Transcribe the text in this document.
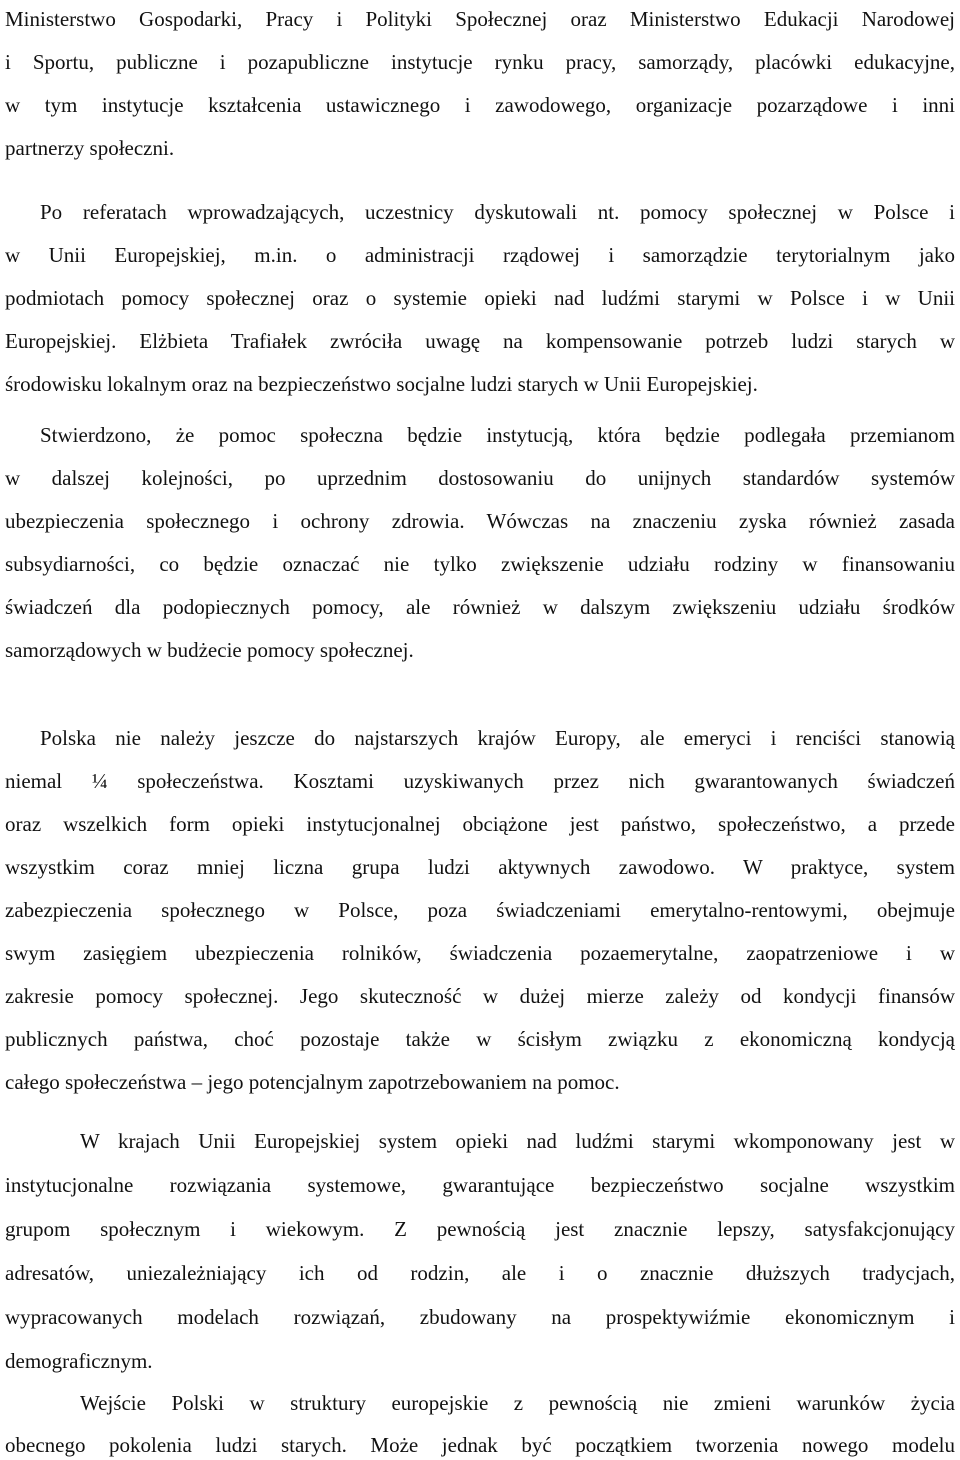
Ministerstwo Gospodarki, Pracy i Polityki Społecznej oraz Ministerstwo Edukacji Narodowej
i Sportu, publiczne i pozapubliczne instytucje rynku pracy, samorządy, placówki edukacyjne,
w tym instytucje kształcenia ustawicznego i zawodowego, organizacje pozarządowe i inni
partnerzy społeczni.
Po referatach wprowadzających, uczestnicy dyskutowali nt. pomocy społecznej w Polsce i
w Unii Europejskiej, m.in. o administracji rządowej i samorządzie terytorialnym jako
podmiotach pomocy społecznej oraz o systemie opieki nad ludźmi starymi w Polsce i w Unii
Europejskiej. Elżbieta Trafiałek zwróciła uwagę na kompensowanie potrzeb ludzi starych w
środowisku lokalnym oraz na bezpieczeństwo socjalne ludzi starych w Unii Europejskiej.
Stwierdzono, że pomoc społeczna będzie instytucją, która będzie podlegała przemianom
w dalszej kolejności, po uprzednim dostosowaniu do unijnych standardów systemów
ubezpieczenia społecznego i ochrony zdrowia. Wówczas na znaczeniu zyska również zasada
subsydiarności, co będzie oznaczać nie tylko zwiększenie udziału rodziny w finansowaniu
świadczeń dla podopiecznych pomocy, ale również w dalszym zwiększeniu udziału środków
samorządowych w budżecie pomocy społecznej.
Polska nie należy jeszcze do najstarszych krajów Europy, ale emeryci i renciści stanowią
niemal ¼ społeczeństwa. Kosztami uzyskiwanych przez nich gwarantowanych świadczeń
oraz wszelkich form opieki instytucjonalnej obciążone jest państwo, społeczeństwo, a przede
wszystkim coraz mniej liczna grupa ludzi aktywnych zawodowo. W praktyce, system
zabezpieczenia społecznego w Polsce, poza świadczeniami emerytalno-rentowymi, obejmuje
swym zasięgiem ubezpieczenia rolników, świadczenia pozaemerytalne, zaopatrzeniowe i w
zakresie pomocy społecznej. Jego skuteczność w dużej mierze zależy od kondycji finansów
publicznych państwa, choć pozostaje także w ścisłym związku z ekonomiczną kondycją
całego społeczeństwa – jego potencjalnym zapotrzebowaniem na pomoc.
W krajach Unii Europejskiej system opieki nad ludźmi starymi wkomponowany jest w
instytucjonalne rozwiązania systemowe, gwarantujące bezpieczeństwo socjalne wszystkim
grupom społecznym i wiekowym. Z pewnością jest znacznie lepszy, satysfakcjonujący
adresatów, uniezależniający ich od rodzin, ale i o znacznie dłuższych tradycjach,
wypracowanych modelach rozwiązań, zbudowany na prospektywiźmie ekonomicznym i
demograficznym.
Wejście Polski w struktury europejskie z pewnością nie zmieni warunków życia
obecnego pokolenia ludzi starych. Może jednak być początkiem tworzenia nowego modelu
